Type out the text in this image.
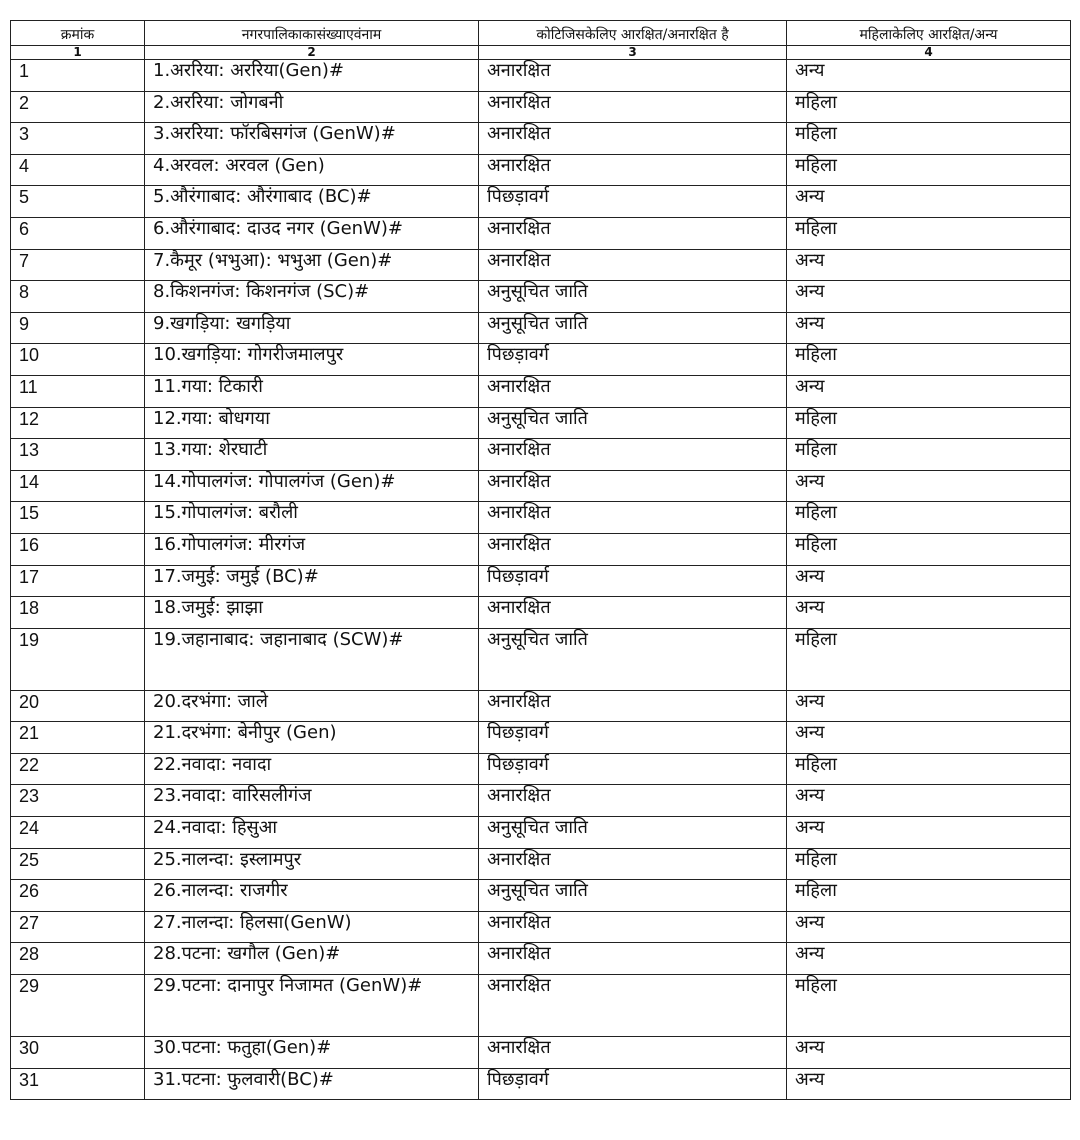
क्रमांक	नगरपालिकाकासंख्याएवंनाम	कोटिजिसकेलिए आरक्षित/अनारक्षित है	महिलाकेलिए आरक्षित/अन्य
1	2	3	4
1	1.अररिया: अररिया(Gen)#	अनारक्षित	अन्य
2	2.अररिया: जोगबनी	अनारक्षित	महिला
3	3.अररिया: फॉरबिसगंज (GenW)#	अनारक्षित	महिला
4	4.अरवल: अरवल (Gen)	अनारक्षित	महिला
5	5.औरंगाबाद: औरंगाबाद (BC)#	पिछड़ावर्ग	अन्य
6	6.औरंगाबाद: दाउद नगर (GenW)#	अनारक्षित	महिला
7	7.कैमूर (भभुआ): भभुआ (Gen)#	अनारक्षित	अन्य
8	8.किशनगंज: किशनगंज (SC)#	अनुसूचित जाति	अन्य
9	9.खगड़िया: खगड़िया	अनुसूचित जाति	अन्य
10	10.खगड़िया: गोगरीजमालपुर	पिछड़ावर्ग	महिला
11	11.गया: टिकारी	अनारक्षित	अन्य
12	12.गया: बोधगया	अनुसूचित जाति	महिला
13	13.गया: शेरघाटी	अनारक्षित	महिला
14	14.गोपालगंज: गोपालगंज (Gen)#	अनारक्षित	अन्य
15	15.गोपालगंज: बरौली	अनारक्षित	महिला
16	16.गोपालगंज: मीरगंज	अनारक्षित	महिला
17	17.जमुई: जमुई (BC)#	पिछड़ावर्ग	अन्य
18	18.जमुई: झाझा	अनारक्षित	अन्य
19	19.जहानाबाद: जहानाबाद (SCW)#	अनुसूचित जाति	महिला
20	20.दरभंगा: जाले	अनारक्षित	अन्य
21	21.दरभंगा: बेनीपुर (Gen)	पिछड़ावर्ग	अन्य
22	22.नवादा: नवादा	पिछड़ावर्ग	महिला
23	23.नवादा: वारिसलीगंज	अनारक्षित	अन्य
24	24.नवादा: हिसुआ	अनुसूचित जाति	अन्य
25	25.नालन्दा: इस्लामपुर	अनारक्षित	महिला
26	26.नालन्दा: राजगीर	अनुसूचित जाति	महिला
27	27.नालन्दा: हिलसा(GenW)	अनारक्षित	अन्य
28	28.पटना: खगौल (Gen)#	अनारक्षित	अन्य
29	29.पटना: दानापुर निजामत (GenW)#	अनारक्षित	महिला
30	30.पटना: फतुहा(Gen)#	अनारक्षित	अन्य
31	31.पटना: फुलवारी(BC)#	पिछड़ावर्ग	अन्य
